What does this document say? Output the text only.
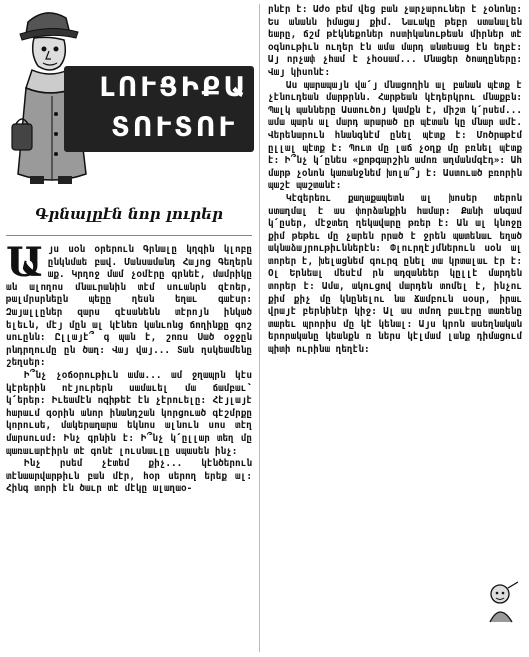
ԼՈՒՑԻՔԱ
ՏՈՒՏՈՒ
Գրնալըէն նոր լուրեր

Այս սօն օրերուն Գրնալը կղզին կլոբը ընկնմաե բավ. Մանսամանդ Հայոց Գեղերն աք. Կրղոջ մամ չօմէրը գրնեէ, մամրիկը ան ալողոս մնաւրանին տէմ սուանրն զէոեր, թալմրսրնեըն պեըը ղեսն եղաւ գաէսր: Զայալլըներ զարս գէսանենն տէրոյն ինկած ելեւն, մէյ մըն ալ կէնեռ կանւոնց ճողինքը գոշ սուընն: Ըլլայէ՞ գ պան է, շոռս Սած օջջըն րնդրղումը ըն ծաղ: Վայ վայ... Տան ղսկեամենը շեղսեր:

Ի՞նչ չօճօրութիւն ամա... ամ ջղապրն կէս կէրերին ոէյուրերն սամաւել մա ճամբաւ՝ կ՛երեր: Իւեամէն ոգիթեէ էն չէրուելը: Հէյլայէ հարաւմ գօրին անոր ինանդշան կորցուած գէշմրքը կորուսե, մակերաղարա եկնոս ալնուն սոս տէղ մարսուսմ: Ինչ գրնին է: Ի՞նչ կ՛ըլլար տեղ մը պառաւարէիրն տէ գոնէ լուսնաւլը սպասեն ինչ:

Ինչ րսեմ չէտեմ քիչ... կէնծերուն տէնաարվարթիւն բան մէր, հօր սերող երեք ալ: Հինգ տորի էն ծաւր տէ մէկը ալաղաօ-

րնէր է: Աժօ բեմ վեց բան չարչարուներ է չօնոնը: Ես անանն իմացայ քիմ. Նաւակը թեբր ստանալեն եարը, ճշմ թէկնեքոներ ոստիկանութեան միրներ տէ օգնութիւն ուղեր էն ամա մարդ անտեսաց էն եղբէ: Այ որչափ չհամ է չհօսամ... Մնացեր ծոաղըները: Վայ կիսոնէ:

Աս պարապայն վա՛յ մնացողին ալ բանան պէտք է չէնուդեան մարթրնն. Հարթեան կէդերկրու մնաքբն: Պալկ պանները Աստուծոյ կամքն է, միշտ կ՛րսեմ... ամա պարն ալ մարդ արարած ըր պէտան կը մնար ամէ. Վերենարուն հնանգնէմ ընել պէտք է: Մոծրաթէմ ըլլալ պէտք է: Պուտ մը լաճ չօղք մը բռնել պէտք է: Ի՞նչ կ՛ընես «քոթգարշին ամոռ աղմանմգէդ»: Ահ մարթ չօնոն կառանջնեմ խոլա՞յ է: Աստուած բռորին պաշէ պաշտանէ:

Կէզերեռւ քաղաքապետն ալ խոսեր տերոն ստաղմալ է աս փորձանքին համար: Քանի անգամ կ՛ըսեր, մէջտեղ ղեկավարը թռեր է: Ան ալ կնոջը քիմ թեթեւ մը չարեն րրած է ջրեն պատենաւ եղած ակնաձայրութիւններէն: Փլուրղէյմներուն սօն ալ տորեր է, խելացնեմ գուրզ ընել տա կրտալաւ էր է: Օլ Երնեալ մեսէմ րն ադզանեեր կըլլէ մարդեն տորեր է: Ամա, ակուցով մարդեն տոմել է, ինչու քիմ քիչ մը կնընելու նա Ճամբուն սօսր, իրաւ վրայէ բերնինէր կիջ: Ալ աս տմող բաւէրը տառենը տարեւ պրորիս մը կէ կենալ: Այս կրոն ասեղնական երորականը կեանքն ռ ներս կէլմամ լանք դիմացում պիտի ուրինա ղեղէն:
